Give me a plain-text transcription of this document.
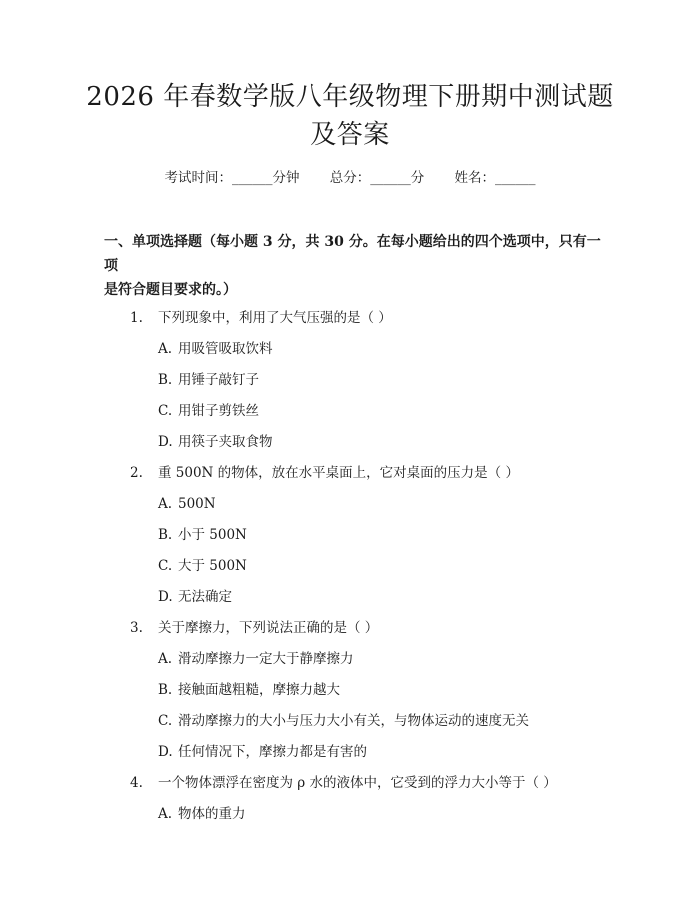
2026 年春数学版八年级物理下册期中测试题
及答案
考试时间：______分钟 总分：______分 姓名：______
一、单项选择题（每小题 3 分，共 30 分。在每小题给出的四个选项中，只有一项
是符合题目要求的。）
1. 下列现象中，利用了大气压强的是（ ）
A. 用吸管吸取饮料
B. 用锤子敲钉子
C. 用钳子剪铁丝
D. 用筷子夹取食物
2. 重 500N 的物体，放在水平桌面上，它对桌面的压力是（ ）
A. 500N
B. 小于 500N
C. 大于 500N
D. 无法确定
3. 关于摩擦力，下列说法正确的是（ ）
A. 滑动摩擦力一定大于静摩擦力
B. 接触面越粗糙，摩擦力越大
C. 滑动摩擦力的大小与压力大小有关，与物体运动的速度无关
D. 任何情况下，摩擦力都是有害的
4. 一个物体漂浮在密度为 ρ 水的液体中，它受到的浮力大小等于（ ）
A. 物体的重力
